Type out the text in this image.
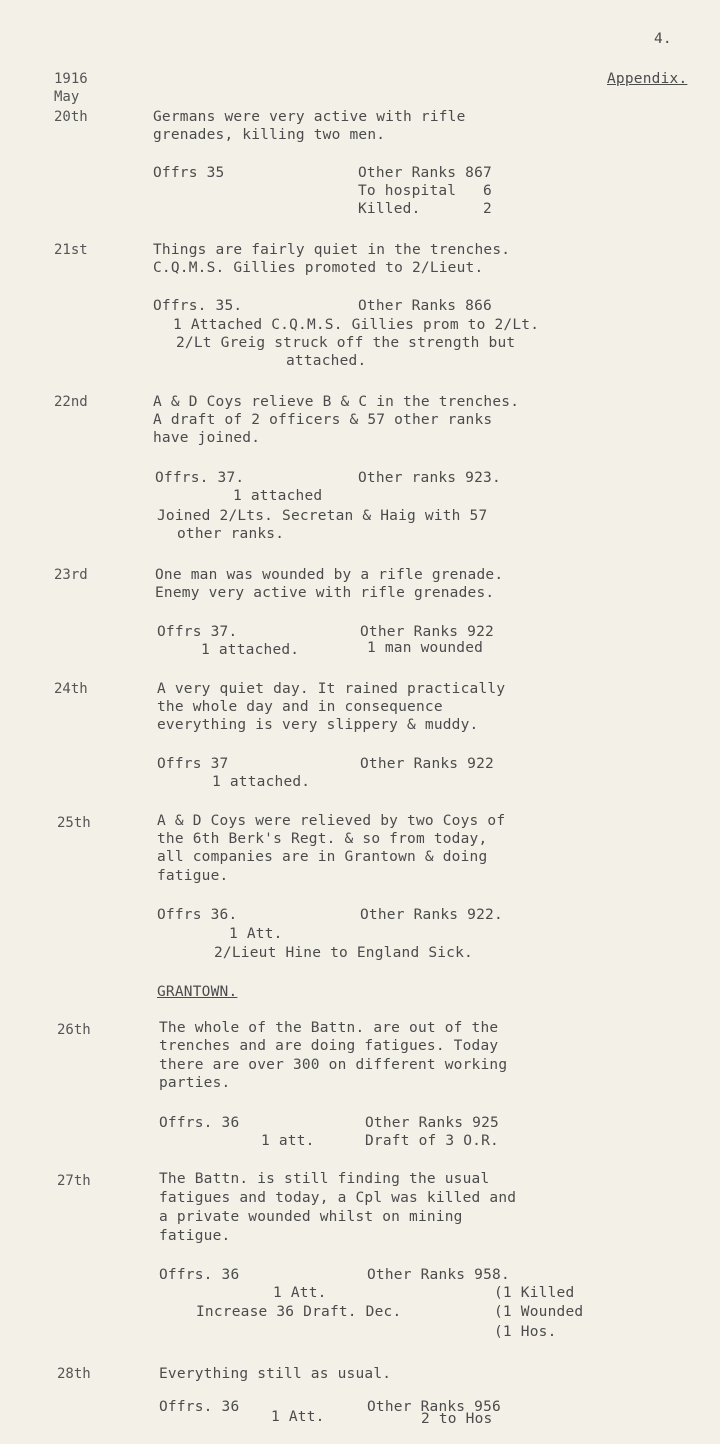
4.
1916
May
Appendix.
20th	Germans were very active with rifle
grenades, killing two men.
Offrs 35	Other Ranks 867
To hospital   6
Killed.       2
21st	Things are fairly quiet in the trenches.
C.Q.M.S. Gillies promoted to 2/Lieut.
Offrs. 35.	Other Ranks 866
1 Attached C.Q.M.S. Gillies prom to 2/Lt.
2/Lt Greig struck off the strength but
attached.
22nd	A & D Coys relieve B & C in the trenches.
A draft of 2 officers & 57 other ranks
have joined.
Offrs. 37.	Other ranks 923.
1 attached
Joined 2/Lts. Secretan & Haig with 57
other ranks.
23rd	One man was wounded by a rifle grenade.
Enemy very active with rifle grenades.
Offrs 37.	Other Ranks 922
1 attached.	1 man wounded
24th	A very quiet day. It rained practically
the whole day and in consequence
everything is very slippery & muddy.
Offrs 37	Other Ranks 922
1 attached.
25th	A & D Coys were relieved by two Coys of
the 6th Berk's Regt. & so from today,
all companies are in Grantown & doing
fatigue.
Offrs 36.	Other Ranks 922.
1 Att.
2/Lieut Hine to England Sick.
GRANTOWN.
26th	The whole of the Battn. are out of the
trenches and are doing fatigues. Today
there are over 300 on different working
parties.
Offrs. 36	Other Ranks 925
1 att.	Draft of 3 O.R.
27th	The Battn. is still finding the usual
fatigues and today, a Cpl was killed and
a private wounded whilst on mining
fatigue.
Offrs. 36	Other Ranks 958.
1 Att.
Increase 36 Draft. Dec.
(1 Killed
(1 Wounded
(1 Hos.
28th	Everything still as usual.
Offrs. 36	Other Ranks 956
1 Att.	2 to Hos
